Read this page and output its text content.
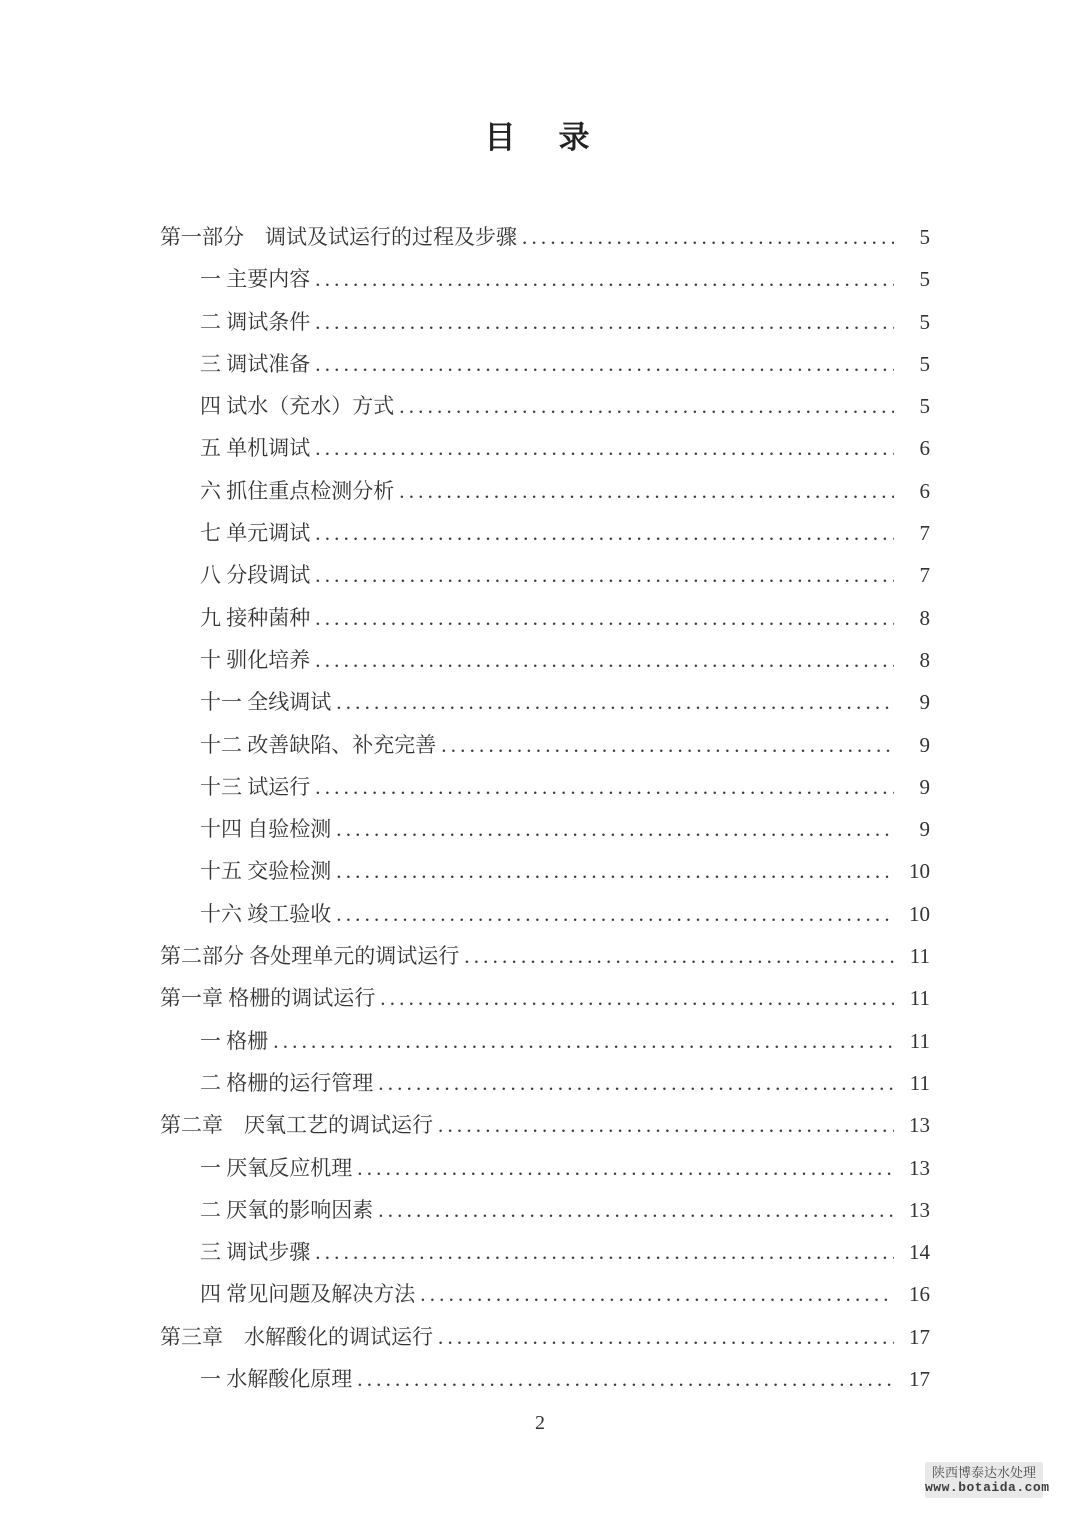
目　录
第一部分　调试及试运行的过程及步骤 .....	5
一 主要内容 .....	5
二 调试条件 .....	5
三 调试准备 .....	5
四 试水（充水）方式 .....	5
五 单机调试 .....	6
六 抓住重点检测分析 .....	6
七 单元调试 .....	7
八 分段调试 .....	7
九 接种菌种 .....	8
十 驯化培养 .....	8
十一 全线调试 .....	9
十二 改善缺陷、补充完善 .....	9
十三 试运行 .....	9
十四 自验检测 .....	9
十五 交验检测 .....	10
十六 竣工验收 .....	10
第二部分 各处理单元的调试运行 .....	11
第一章 格栅的调试运行 .....	11
一 格栅 .....	11
二 格栅的运行管理 .....	11
第二章　厌氧工艺的调试运行 .....	13
一 厌氧反应机理 .....	13
二 厌氧的影响因素 .....	13
三 调试步骤 .....	14
四 常见问题及解决方法 .....	16
第三章　水解酸化的调试运行 .....	17
一 水解酸化原理 .....	17
2
陕西博泰达水处理
www.botaida.com
